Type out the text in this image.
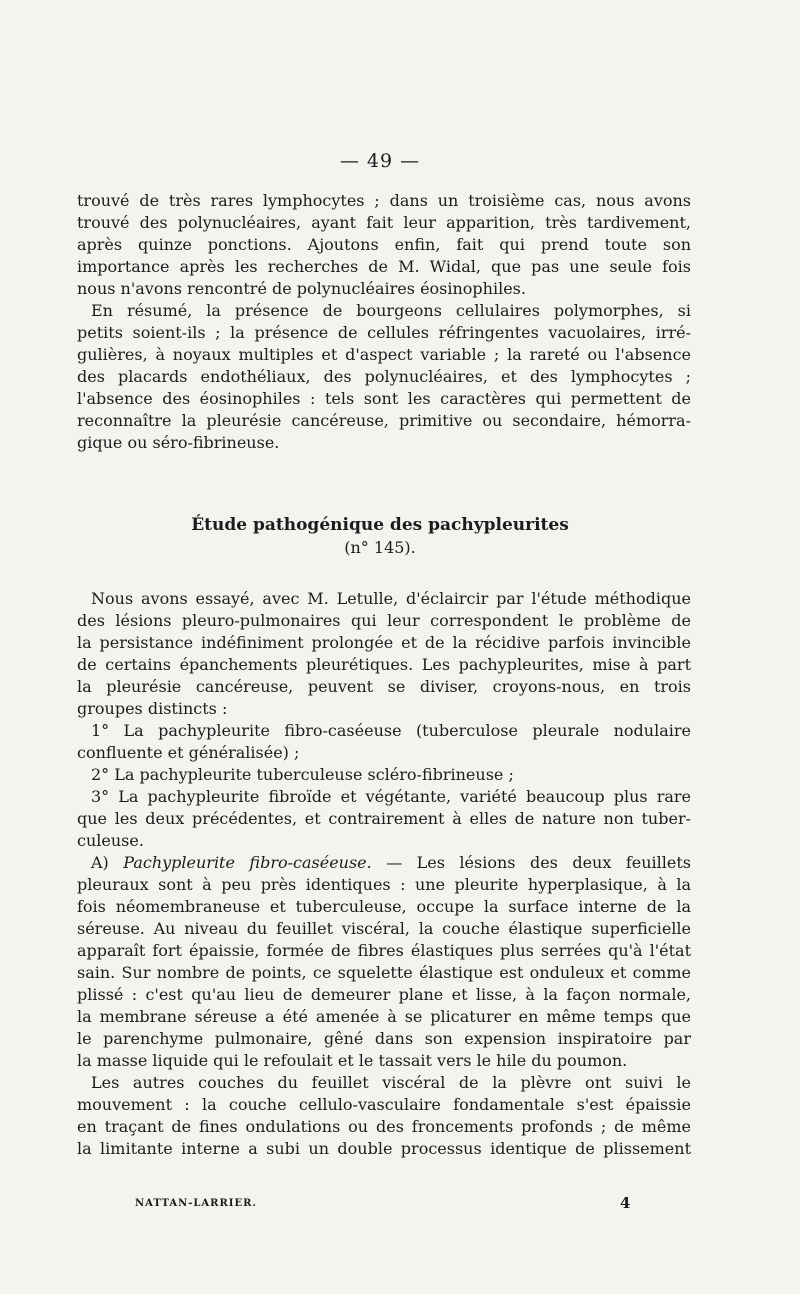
— 49 —
trouvé de très rares lymphocytes ; dans un troisième cas, nous avons
trouvé des polynucléaires, ayant fait leur apparition, très tardivement,
après quinze ponctions. Ajoutons enfin, fait qui prend toute son
importance après les recherches de M. Widal, que pas une seule fois
nous n'avons rencontré de polynucléaires éosinophiles.
En résumé, la présence de bourgeons cellulaires polymorphes, si
petits soient-ils ; la présence de cellules réfringentes vacuolaires, irré-
gulières, à noyaux multiples et d'aspect variable ; la rareté ou l'absence
des placards endothéliaux, des polynucléaires, et des lymphocytes ;
l'absence des éosinophiles : tels sont les caractères qui permettent de
reconnaître la pleurésie cancéreuse, primitive ou secondaire, hémorra-
gique ou séro-fibrineuse.
Étude pathogénique des pachypleurites
(n° 145).
Nous avons essayé, avec M. Letulle, d'éclaircir par l'étude méthodique
des lésions pleuro-pulmonaires qui leur correspondent le problème de
la persistance indéfiniment prolongée et de la récidive parfois invincible
de certains épanchements pleurétiques. Les pachypleurites, mise à part
la pleurésie cancéreuse, peuvent se diviser, croyons-nous, en trois
groupes distincts :
1° La pachypleurite fibro-caséeuse (tuberculose pleurale nodulaire
confluente et généralisée) ;
2° La pachypleurite tuberculeuse scléro-fibrineuse ;
3° La pachypleurite fibroïde et végétante, variété beaucoup plus rare
que les deux précédentes, et contrairement à elles de nature non tuber-
culeuse.
A) Pachypleurite fibro-caséeuse. — Les lésions des deux feuillets
pleuraux sont à peu près identiques : une pleurite hyperplasique, à la
fois néomembraneuse et tuberculeuse, occupe la surface interne de la
séreuse. Au niveau du feuillet viscéral, la couche élastique superficielle
apparaît fort épaissie, formée de fibres élastiques plus serrées qu'à l'état
sain. Sur nombre de points, ce squelette élastique est onduleux et comme
plissé : c'est qu'au lieu de demeurer plane et lisse, à la façon normale,
la membrane séreuse a été amenée à se plicaturer en même temps que
le parenchyme pulmonaire, gêné dans son expension inspiratoire par
la masse liquide qui le refoulait et le tassait vers le hile du poumon.
Les autres couches du feuillet viscéral de la plèvre ont suivi le
mouvement : la couche cellulo-vasculaire fondamentale s'est épaissie
en traçant de fines ondulations ou des froncements profonds ; de même
la limitante interne a subi un double processus identique de plissement
NATTAN-LARRIER.	4
